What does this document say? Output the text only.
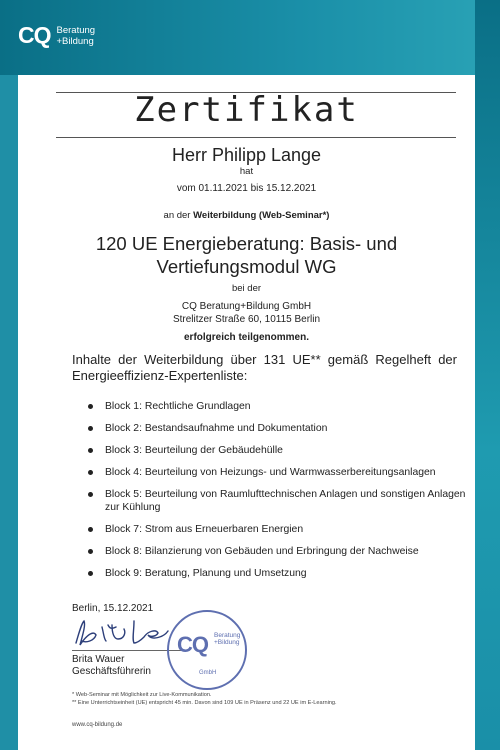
CQ Beratung
+Bildung
Zertifikat
Herr Philipp Lange
hat
vom 01.11.2021 bis 15.12.2021
an der Weiterbildung (Web-Seminar*)
120 UE Energieberatung: Basis- und
Vertiefungsmodul WG
bei der
CQ Beratung+Bildung GmbH
Strelitzer Straße 60, 10115 Berlin
erfolgreich teilgenommen.
Inhalte der Weiterbildung über 131 UE** gemäß Regelheft der Energieeffizienz-Expertenliste:
Block 1: Rechtliche Grundlagen
Block 2: Bestandsaufnahme und Dokumentation
Block 3: Beurteilung der Gebäudehülle
Block 4: Beurteilung von Heizungs- und Warmwasserbereitungsanlagen
Block 5: Beurteilung von Raumlufttechnischen Anlagen und sonstigen Anlagen zur Kühlung
Block 7: Strom aus Erneuerbaren Energien
Block 8: Bilanzierung von Gebäuden und Erbringung der Nachweise
Block 9: Beratung, Planung und Umsetzung
Berlin, 15.12.2021
Brita Wauer
Geschäftsführerin
CQ Beratung
+Bildung
GmbH
* Web-Seminar mit Möglichkeit zur Live-Kommunikation.
** Eine Unterrichtseinheit (UE) entspricht 45 min. Davon sind 109 UE in Präsenz und 22 UE im E-Learning.
www.cq-bildung.de
